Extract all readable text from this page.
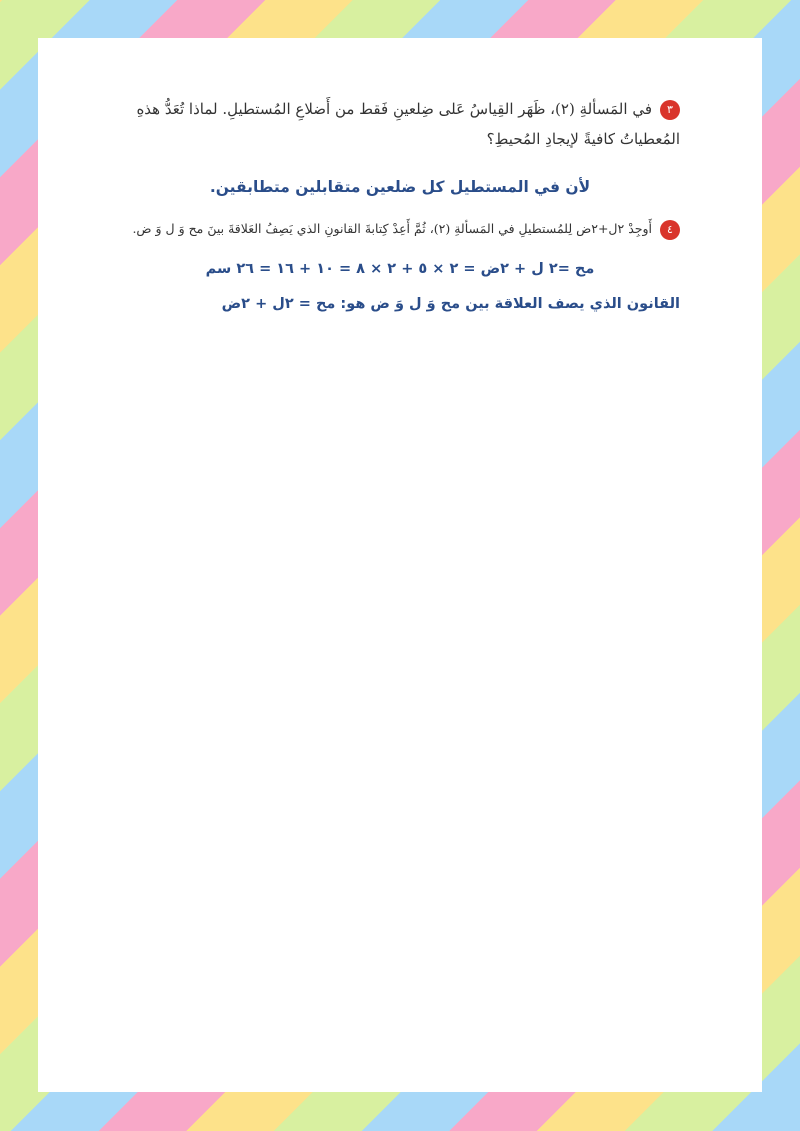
٣في المَسألةِ (٢)، ظَهَر القِياسُ عَلى ضِلعينِ فَقط من أَضلاعِ المُستطيلِ. لماذا تُعَدُّ هذهِ المُعطياتُ كافيةً لإيجادِ المُحيطِ؟
لأن في المستطيل كل ضلعين متقابلين متطابقين.
٤أَوجِدْ ٢ل+٢ض لِلمُستطيلِ في المَسألةِ (٢)، ثُمَّ أَعِدْ كِتابةَ القانونِ الذي يَصِفُ العَلاقةَ بينَ مح وَ ل وَ ض.
مح =٢ ل + ٢ض = ٢ × ٥ + ٢ × ٨ = ١٠ + ١٦ = ٢٦ سم
القانون الذي يصف العلاقة بين مح وَ ل وَ ض هو: مح = ٢ل + ٢ض
